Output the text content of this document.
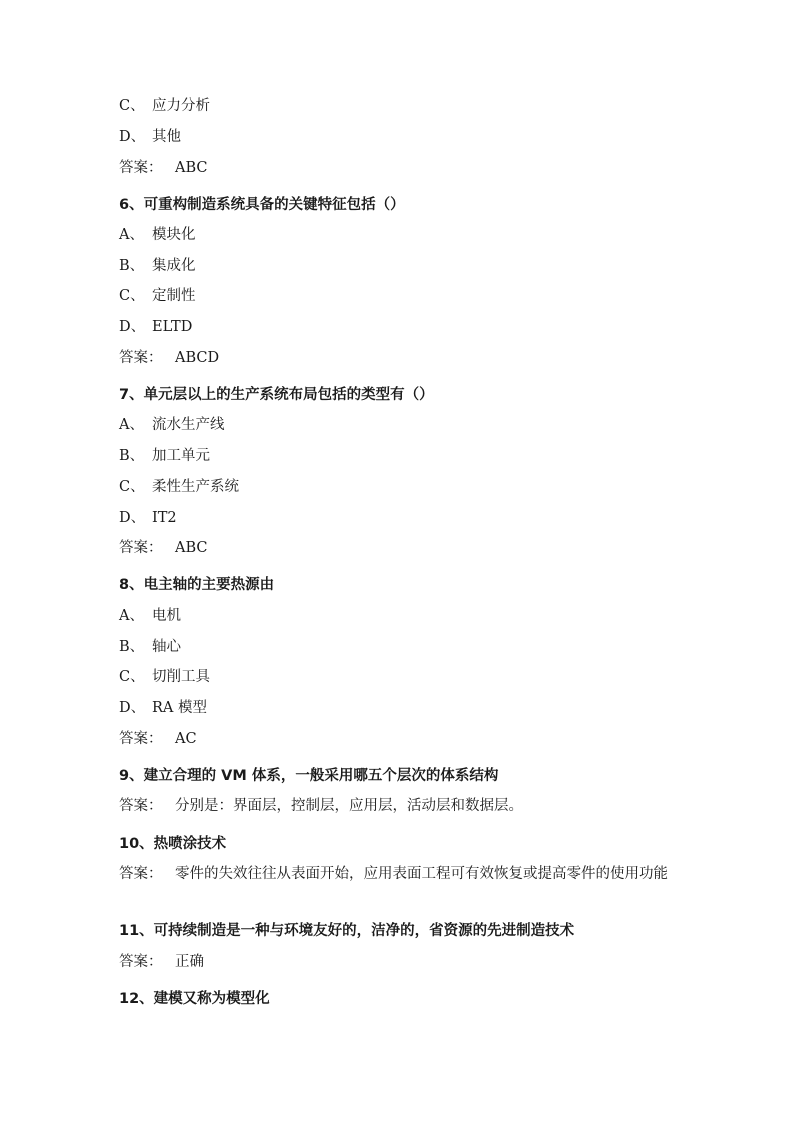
C、 应力分析
D、 其他
答案： ABC
6、可重构制造系统具备的关键特征包括（）
A、 模块化
B、 集成化
C、 定制性
D、 ELTD
答案： ABCD
7、单元层以上的生产系统布局包括的类型有（）
A、 流水生产线
B、 加工单元
C、 柔性生产系统
D、 IT2
答案： ABC
8、电主轴的主要热源由
A、 电机
B、 轴心
C、 切削工具
D、 RA 模型
答案： AC
9、建立合理的 VM 体系，一般采用哪五个层次的体系结构
答案： 分别是：界面层，控制层，应用层，活动层和数据层。
10、热喷涂技术
答案： 零件的失效往往从表面开始，应用表面工程可有效恢复或提高零件的使用功能
11、可持续制造是一种与环境友好的，洁净的，省资源的先进制造技术
答案： 正确
12、建模又称为模型化
